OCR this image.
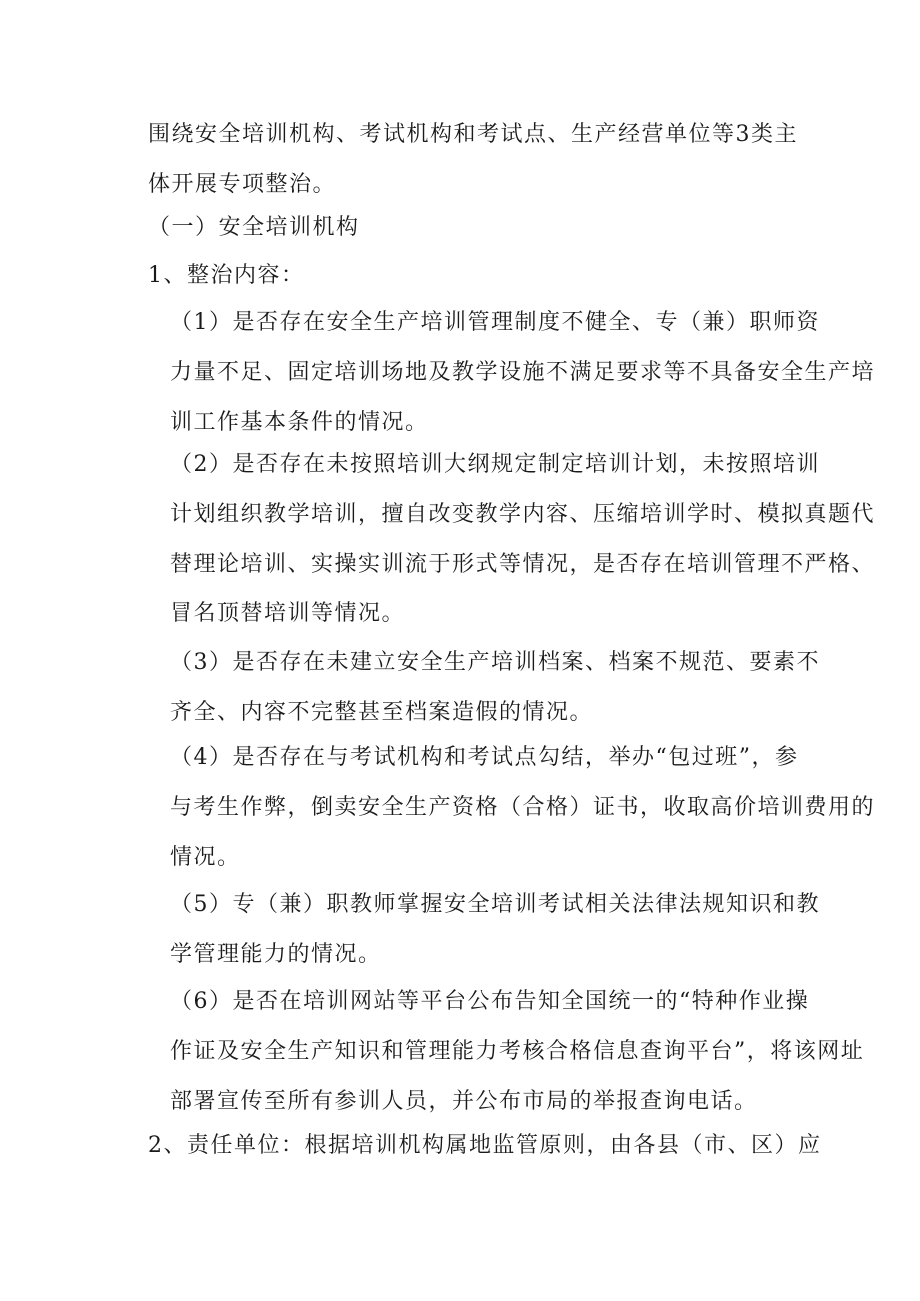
围绕安全培训机构、考试机构和考试点、生产经营单位等3类主
体开展专项整治。

（一）安全培训机构

1、整治内容：

（1）是否存在安全生产培训管理制度不健全、专（兼）职师资
力量不足、固定培训场地及教学设施不满足要求等不具备安全生产培
训工作基本条件的情况。

（2）是否存在未按照培训大纲规定制定培训计划，未按照培训
计划组织教学培训，擅自改变教学内容、压缩培训学时、模拟真题代
替理论培训、实操实训流于形式等情况，是否存在培训管理不严格、
冒名顶替培训等情况。

（3）是否存在未建立安全生产培训档案、档案不规范、要素不
齐全、内容不完整甚至档案造假的情况。

（4）是否存在与考试机构和考试点勾结，举办“包过班”，参
与考生作弊，倒卖安全生产资格（合格）证书，收取高价培训费用的
情况。

（5）专（兼）职教师掌握安全培训考试相关法律法规知识和教
学管理能力的情况。

（6）是否在培训网站等平台公布告知全国统一的“特种作业操
作证及安全生产知识和管理能力考核合格信息查询平台”，将该网址
部署宣传至所有参训人员，并公布市局的举报查询电话。

2、责任单位：根据培训机构属地监管原则，由各县（市、区）应
